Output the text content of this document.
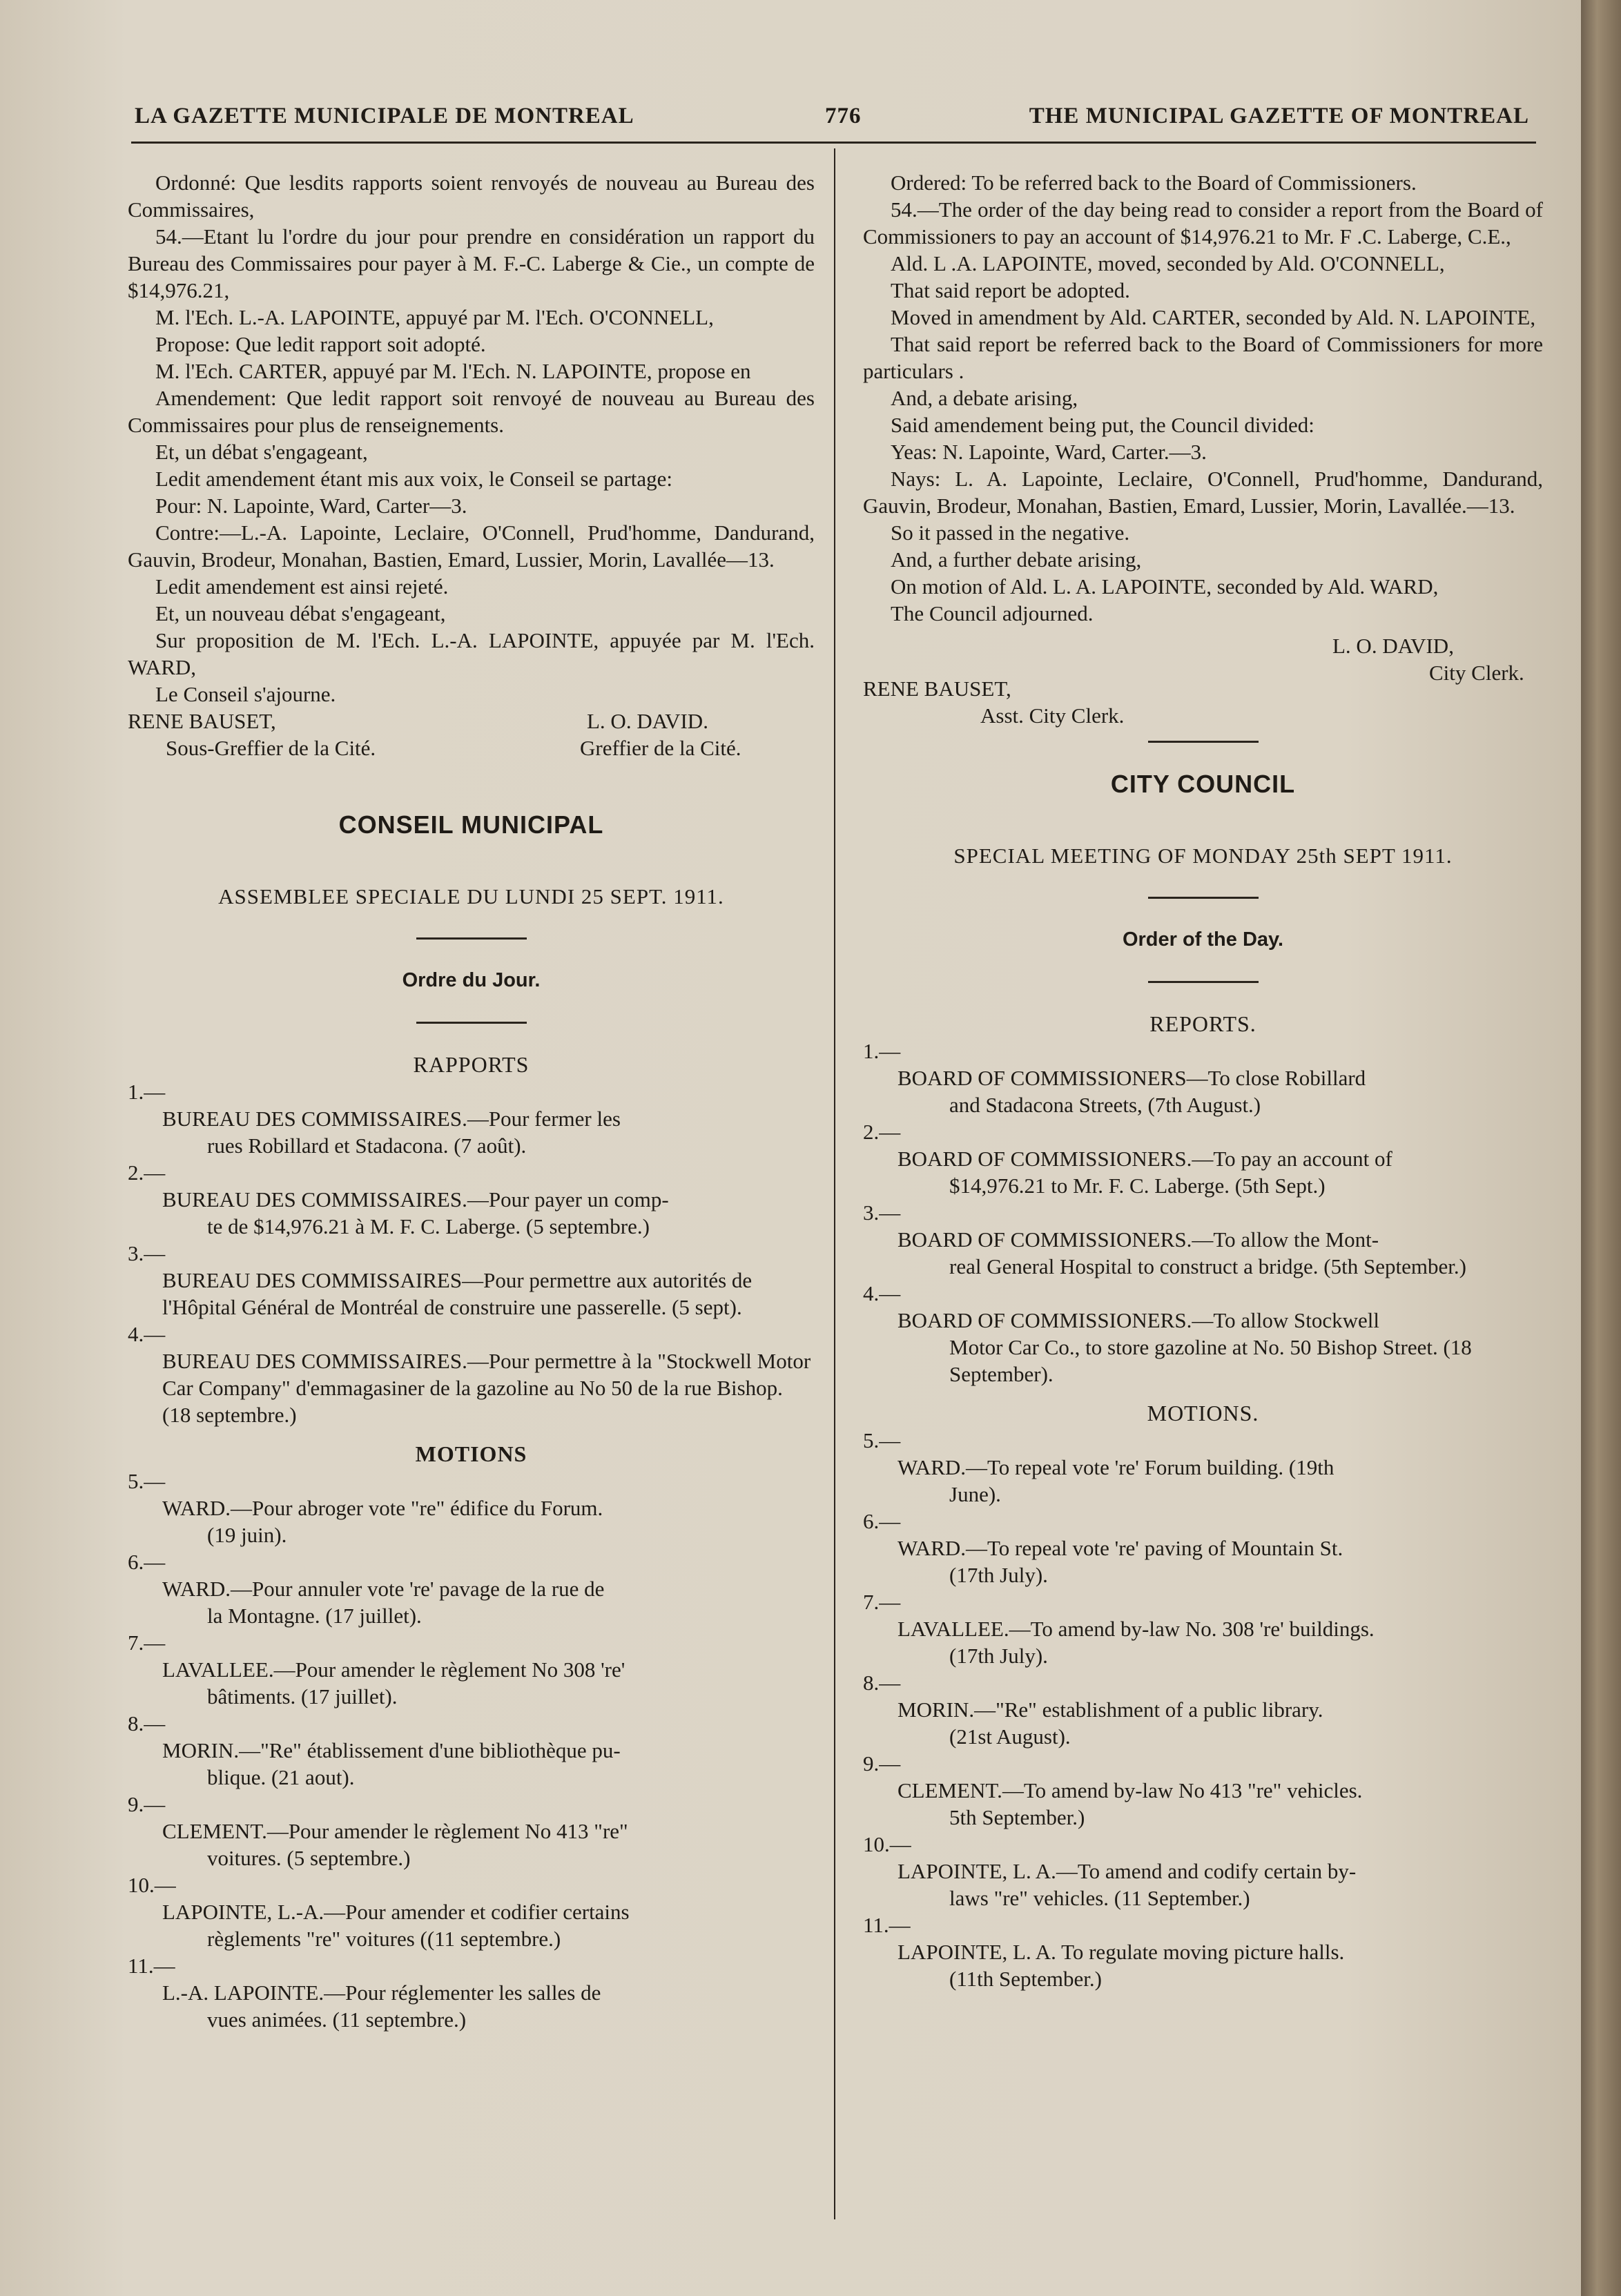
LA GAZETTE MUNICIPALE DE MONTREAL	776	THE MUNICIPAL GAZETTE OF MONTREAL

Ordonné: Que lesdits rapports soient renvoyés de nouveau au Bureau des Commissaires,

54.—Etant lu l'ordre du jour pour prendre en considération un rapport du Bureau des Commissaires pour payer à M. F.-C. Laberge & Cie., un compte de $14,976.21,

M. l'Ech. L.-A. LAPOINTE, appuyé par M. l'Ech. O'CONNELL,

Propose: Que ledit rapport soit adopté.

M. l'Ech. CARTER, appuyé par M. l'Ech. N. LAPOINTE, propose en

Amendement: Que ledit rapport soit renvoyé de nouveau au Bureau des Commissaires pour plus de renseignements.

Et, un débat s'engageant,

Ledit amendement étant mis aux voix, le Conseil se partage:

Pour: N. Lapointe, Ward, Carter—3.

Contre:—L.-A. Lapointe, Leclaire, O'Connell, Prud'homme, Dandurand, Gauvin, Brodeur, Monahan, Bastien, Emard, Lussier, Morin, Lavallée—13.

Ledit amendement est ainsi rejeté.

Et, un nouveau débat s'engageant,

Sur proposition de M. l'Ech. L.-A. LAPOINTE, appuyée par M. l'Ech. WARD,

Le Conseil s'ajourne.

RENE BAUSET,
Sous-Greffier de la Cité.
L. O. DAVID.
Greffier de la Cité.
CONSEIL MUNICIPAL
ASSEMBLEE SPECIALE DU LUNDI 25 SEPT. 1911.
Ordre du Jour.
RAPPORTS
1.—
BUREAU DES COMMISSAIRES.—Pour fermer les
rues Robillard et Stadacona. (7 août).
2.—
BUREAU DES COMMISSAIRES.—Pour payer un comp-
te de $14,976.21 à M. F. C. Laberge. (5 septembre.)
3.—
BUREAU DES COMMISSAIRES—Pour permettre aux autorités de l'Hôpital Général de Montréal de construire une passerelle. (5 sept).
4.—
BUREAU DES COMMISSAIRES.—Pour permettre à la "Stockwell Motor Car Company" d'emmagasiner de la gazoline au No 50 de la rue Bishop. (18 septembre.)
MOTIONS
5.—
WARD.—Pour abroger vote "re" édifice du Forum.
(19 juin).
6.—
WARD.—Pour annuler vote 're' pavage de la rue de
la Montagne. (17 juillet).
7.—
LAVALLEE.—Pour amender le règlement No 308 're'
bâtiments. (17 juillet).
8.—
MORIN.—"Re" établissement d'une bibliothèque pu-
blique. (21 aout).
9.—
CLEMENT.—Pour amender le règlement No 413 "re"
voitures. (5 septembre.)
10.—
LAPOINTE, L.-A.—Pour amender et codifier certains
règlements "re" voitures ((11 septembre.)
11.—
L.-A. LAPOINTE.—Pour réglementer les salles de
vues animées. (11 septembre.)

Ordered: To be referred back to the Board of Commissioners.

54.—The order of the day being read to consider a report from the Board of Commissioners to pay an account of $14,976.21 to Mr. F .C. Laberge, C.E.,

Ald. L .A. LAPOINTE, moved, seconded by Ald. O'CONNELL,

That said report be adopted.

Moved in amendment by Ald. CARTER, seconded by Ald. N. LAPOINTE,

That said report be referred back to the Board of Commissioners for more particulars .

And, a debate arising,

Said amendement being put, the Council divided:

Yeas: N. Lapointe, Ward, Carter.—3.

Nays: L. A. Lapointe, Leclaire, O'Connell, Prud'homme, Dandurand, Gauvin, Brodeur, Monahan, Bastien, Emard, Lussier, Morin, Lavallée.—13.

So it passed in the negative.

And, a further debate arising,

On motion of Ald. L. A. LAPOINTE, seconded by Ald. WARD,

The Council adjourned.

L. O. DAVID,
City Clerk.
RENE BAUSET,
Asst. City Clerk.
CITY COUNCIL
SPECIAL MEETING OF MONDAY 25th SEPT 1911.
Order of the Day.
REPORTS.
1.—
BOARD OF COMMISSIONERS—To close Robillard
and Stadacona Streets, (7th August.)
2.—
BOARD OF COMMISSIONERS.—To pay an account of
$14,976.21 to Mr. F. C. Laberge. (5th Sept.)
3.—
BOARD OF COMMISSIONERS.—To allow the Mont-
real General Hospital to construct a bridge. (5th September.)
4.—
BOARD OF COMMISSIONERS.—To allow Stockwell
Motor Car Co., to store gazoline at No. 50 Bishop Street. (18 September).
MOTIONS.
5.—
WARD.—To repeal vote 're' Forum building. (19th
June).
6.—
WARD.—To repeal vote 're' paving of Mountain St.
(17th July).
7.—
LAVALLEE.—To amend by-law No. 308 're' buildings.
(17th July).
8.—
MORIN.—"Re" establishment of a public library.
(21st August).
9.—
CLEMENT.—To amend by-law No 413 "re" vehicles.
5th September.)
10.—
LAPOINTE, L. A.—To amend and codify certain by-
laws "re" vehicles. (11 September.)
11.—
LAPOINTE, L. A. To regulate moving picture halls.
(11th September.)
